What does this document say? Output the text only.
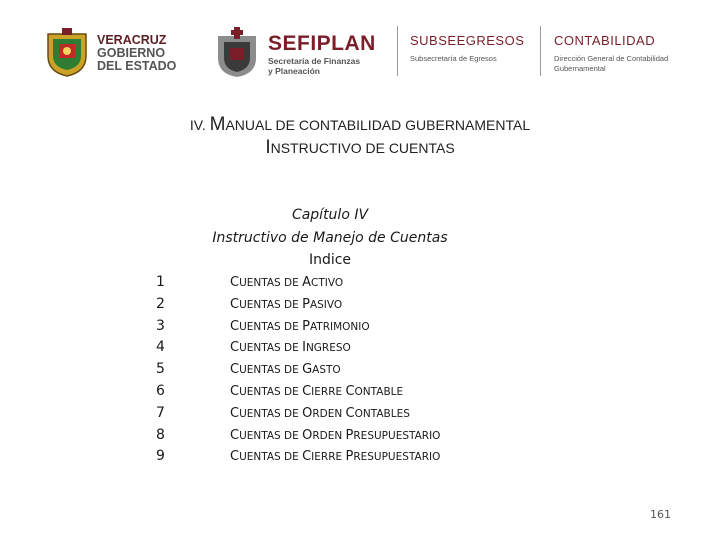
VERACRUZ
GOBIERNO
DEL ESTADO
SEFIPLAN
Secretaría de Finanzas
y Planeación
SUBSEEGRESOS
Subsecretaría de Egresos
CONTABILIDAD
Dirección General de Contabilidad
Gubernamental
IV. MANUAL DE CONTABILIDAD GUBERNAMENTAL
INSTRUCTIVO DE CUENTAS
Capítulo IV
Instructivo de Manejo de Cuentas
Indice
1	CUENTAS DE ACTIVO
2	CUENTAS DE PASIVO
3	CUENTAS DE PATRIMONIO
4	CUENTAS DE INGRESO
5	CUENTAS DE GASTO
6	CUENTAS DE CIERRE CONTABLE
7	CUENTAS DE ORDEN CONTABLES
8	CUENTAS DE ORDEN PRESUPUESTARIO
9	CUENTAS DE CIERRE PRESUPUESTARIO
161
